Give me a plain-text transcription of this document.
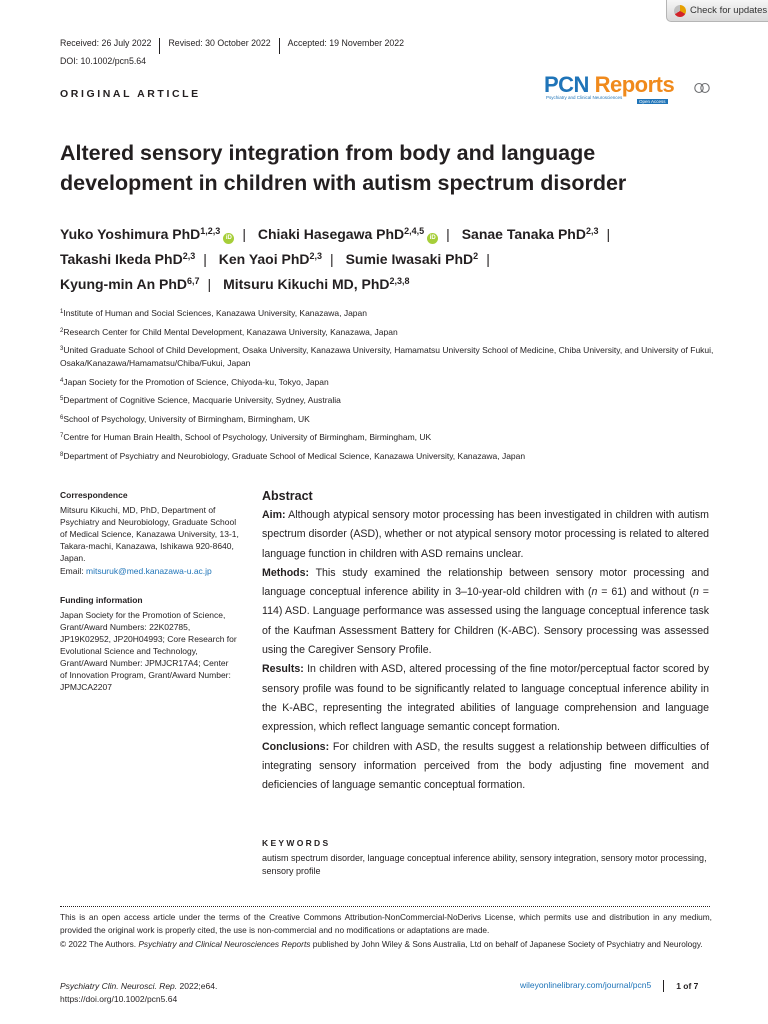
Check for updates
Received: 26 July 2022	Revised: 30 October 2022	Accepted: 19 November 2022
DOI: 10.1002/pcn5.64
ORIGINAL ARTICLE	PCN Reports
Psychiatry and Clinical Neurosciences
Open Access
Altered sensory integration from body and language development in children with autism spectrum disorder
Yuko Yoshimura PhD$^{1,2,3}$iD | Chiaki Hasegawa PhD$^{2,4,5}$iD | Sanae Tanaka PhD$^{2,3}$ |
Takashi Ikeda PhD$^{2,3}$ | Ken Yaoi PhD$^{2,3}$ | Sumie Iwasaki PhD$^2$ |
Kyung-min An PhD$^{6,7}$ | Mitsuru Kikuchi MD, PhD$^{2,3,8}$

$^1$Institute of Human and Social Sciences, Kanazawa University, Kanazawa, Japan

$^2$Research Center for Child Mental Development, Kanazawa University, Kanazawa, Japan

$^3$United Graduate School of Child Development, Osaka University, Kanazawa University, Hamamatsu University School of Medicine, Chiba University, and University of Fukui, Osaka/Kanazawa/Hamamatsu/Chiba/Fukui, Japan

$^4$Japan Society for the Promotion of Science, Chiyoda-ku, Tokyo, Japan

$^5$Department of Cognitive Science, Macquarie University, Sydney, Australia

$^6$School of Psychology, University of Birmingham, Birmingham, UK

$^7$Centre for Human Brain Health, School of Psychology, University of Birmingham, Birmingham, UK

$^8$Department of Psychiatry and Neurobiology, Graduate School of Medical Science, Kanazawa University, Kanazawa, Japan

Correspondence
Mitsuru Kikuchi, MD, PhD, Department of
Psychiatry and Neurobiology, Graduate School
of Medical Science, Kanazawa University, 13-1,
Takara-machi, Kanazawa, Ishikawa 920-8640,
Japan.
Email: mitsuruk@med.kanazawa-u.ac.jp
Funding information
Japan Society for the Promotion of Science,
Grant/Award Numbers: 22K02785,
JP19K02952, JP20H04993; Core Research for
Evolutional Science and Technology,
Grant/Award Number: JPMJCR17A4; Center
of Innovation Program, Grant/Award Number:
JPMJCA2207
Abstract

Aim: Although atypical sensory motor processing has been investigated in children with autism spectrum disorder (ASD), whether or not atypical sensory motor processing is related to altered language function in children with ASD remains unclear.

Methods: This study examined the relationship between sensory motor processing and language conceptual inference ability in 3–10-year-old children with (n = 61) and without (n = 114) ASD. Language performance was assessed using the language conceptual inference task of the Kaufman Assessment Battery for Children (K-ABC). Sensory processing was assessed using the Caregiver Sensory Profile.

Results: In children with ASD, altered processing of the fine motor/perceptual factor scored by sensory profile was found to be significantly related to language conceptual inference ability in the K-ABC, representing the integrated abilities of language comprehension and language expression, which reflect language semantic concept formation.

Conclusions: For children with ASD, the results suggest a relationship between difficulties of integrating sensory information perceived from the body adjusting fine movement and deficiencies of language semantic conceptual formation.

KEYWORDS

autism spectrum disorder, language conceptual inference ability, sensory integration, sensory motor processing, sensory profile

This is an open access article under the terms of the Creative Commons Attribution-NonCommercial-NoDerivs License, which permits use and distribution in any medium, provided the original work is properly cited, the use is non-commercial and no modifications or adaptations are made.
© 2022 The Authors. Psychiatry and Clinical Neurosciences Reports published by John Wiley & Sons Australia, Ltd on behalf of Japanese Society of Psychiatry and Neurology.
Psychiatry Clin. Neurosci. Rep. 2022;e64.
https://doi.org/10.1002/pcn5.64
wileyonlinelibrary.com/journal/pcn5	1 of 7
